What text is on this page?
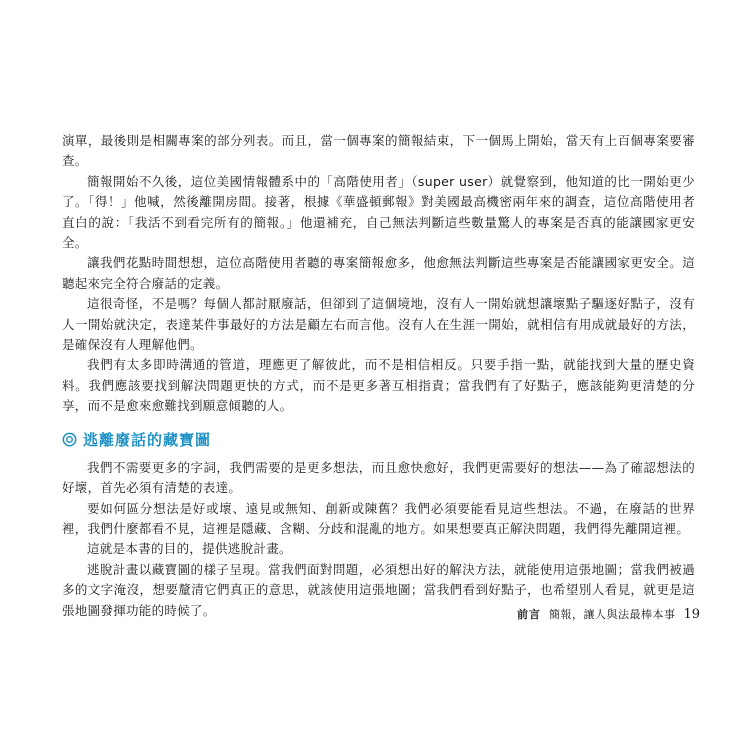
演單，最後則是相關專案的部分列表。而且，當一個專案的簡報結束，下一個馬上開始，當天有上百個專案要審查。

簡報開始不久後，這位美國情報體系中的「高階使用者」（super user）就覺察到，他知道的比一開始更少了。「得！」他喊，然後離開房間。接著，根據《華盛頓郵報》對美國最高機密兩年來的調查，這位高階使用者直白的說：「我活不到看完所有的簡報。」他還補充，自己無法判斷這些數量驚人的專案是否真的能讓國家更安全。

讓我們花點時間想想，這位高階使用者聽的專案簡報愈多，他愈無法判斷這些專案是否能讓國家更安全。這聽起來完全符合廢話的定義。

這很奇怪，不是嗎？每個人都討厭廢話，但卻到了這個境地，沒有人一開始就想讓壞點子驅逐好點子，沒有人一開始就決定，表達某件事最好的方法是顧左右而言他。沒有人在生涯一開始，就相信有用成就最好的方法，是確保沒有人理解他們。

我們有太多即時溝通的管道，理應更了解彼此，而不是相信相反。只要手指一點，就能找到大量的歷史資料。我們應該要找到解決問題更快的方式，而不是更多著互相指責；當我們有了好點子，應該能夠更清楚的分享，而不是愈來愈難找到願意傾聽的人。

逃離廢話的藏寶圖

我們不需要更多的字詞，我們需要的是更多想法，而且愈快愈好，我們更需要好的想法——為了確認想法的好壞，首先必須有清楚的表達。

要如何區分想法是好或壞、遠見或無知、創新或陳舊？我們必須要能看見這些想法。不過，在廢話的世界裡，我們什麼都看不見，這裡是隱藏、含糊、分歧和混亂的地方。如果想要真正解決問題，我們得先離開這裡。

這就是本書的目的，提供逃脫計畫。

逃脫計畫以藏寶圖的樣子呈現。當我們面對問題，必須想出好的解決方法，就能使用這張地圖；當我們被過多的文字淹沒，想要釐清它們真正的意思，就該使用這張地圖；當我們看到好點子，也希望別人看見，就更是這張地圖發揮功能的時候了。	前言 簡報，讓人與法最棒本事 19
